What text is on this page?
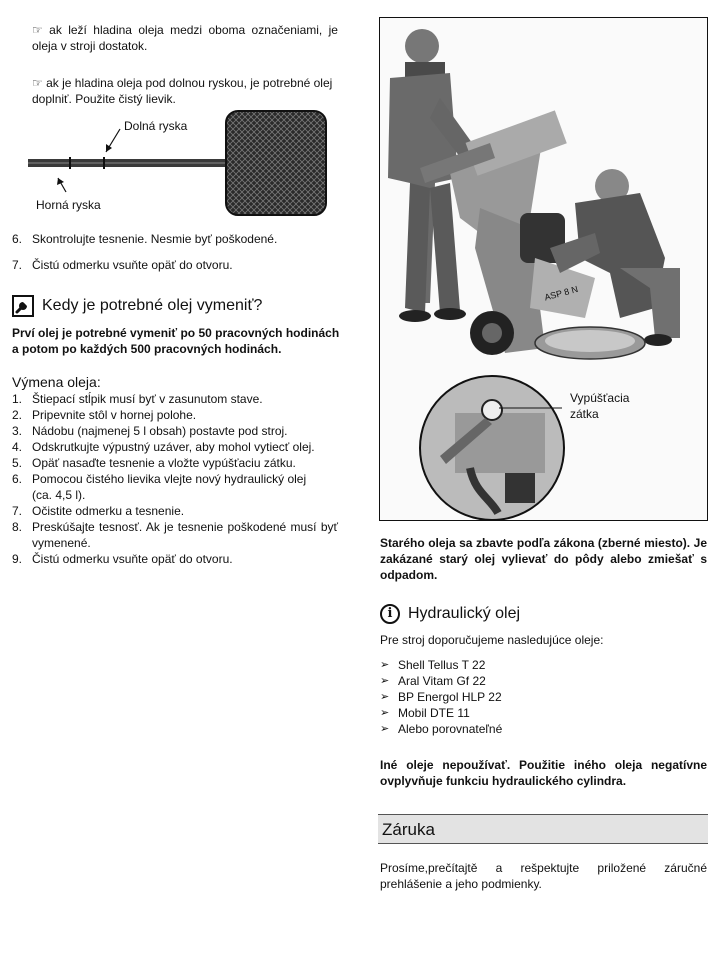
☞ ak leží hladina oleja medzi oboma označeniami, je oleja v stroji dostatok.
☞ ak je hladina oleja pod dolnou ryskou, je potrebné olej doplniť. Použite čistý lievik.
Dolná ryska
Horná ryska
6. Skontrolujte tesnenie. Nesmie byť poškodené.
7. Čistú odmerku vsuňte opäť do otvoru.
Kedy je potrebné olej vymeniť?
Prví olej je potrebné vymeniť po 50 pracovných hodinách a potom po každých 500 pracovných hodinách.
Výmena oleja:
1. Štiepací stĺpik musí byť v zasunutom stave.
2. Pripevnite stôl v hornej polohe.
3. Nádobu (najmenej 5 l obsah) postavte pod stroj.
4. Odskrutkujte výpustný uzáver, aby mohol vytiecť olej.
5. Opäť nasaďte tesnenie a vložte vypúšťaciu zátku.
6. Pomocou čistého lievika vlejte nový hydraulický olej (ca. 4,5 l).
7. Očistite odmerku a tesnenie.
8. Preskúšajte tesnosť. Ak je tesnenie poškodené musí byť vymenené.
9. Čistú odmerku vsuňte opäť do otvoru.
ASP 8 N
Vypúšťacia zátka
Starého oleja sa zbavte podľa zákona (zberné miesto). Je zakázané starý olej vylievať do pôdy alebo zmiešať s odpadom.
i Hydraulický olej
Pre stroj doporučujeme nasledujúce oleje:
➢ Shell Tellus T 22
➢ Aral Vitam Gf 22
➢ BP Energol HLP 22
➢ Mobil DTE 11
➢ Alebo porovnateľné
Iné oleje nepoužívať. Použitie iného oleja negatívne ovplyvňuje funkciu hydraulického cylindra.
Záruka
Prosíme,prečítajtě a rešpektujte priložené záručné prehlášenie a jeho podmienky.
